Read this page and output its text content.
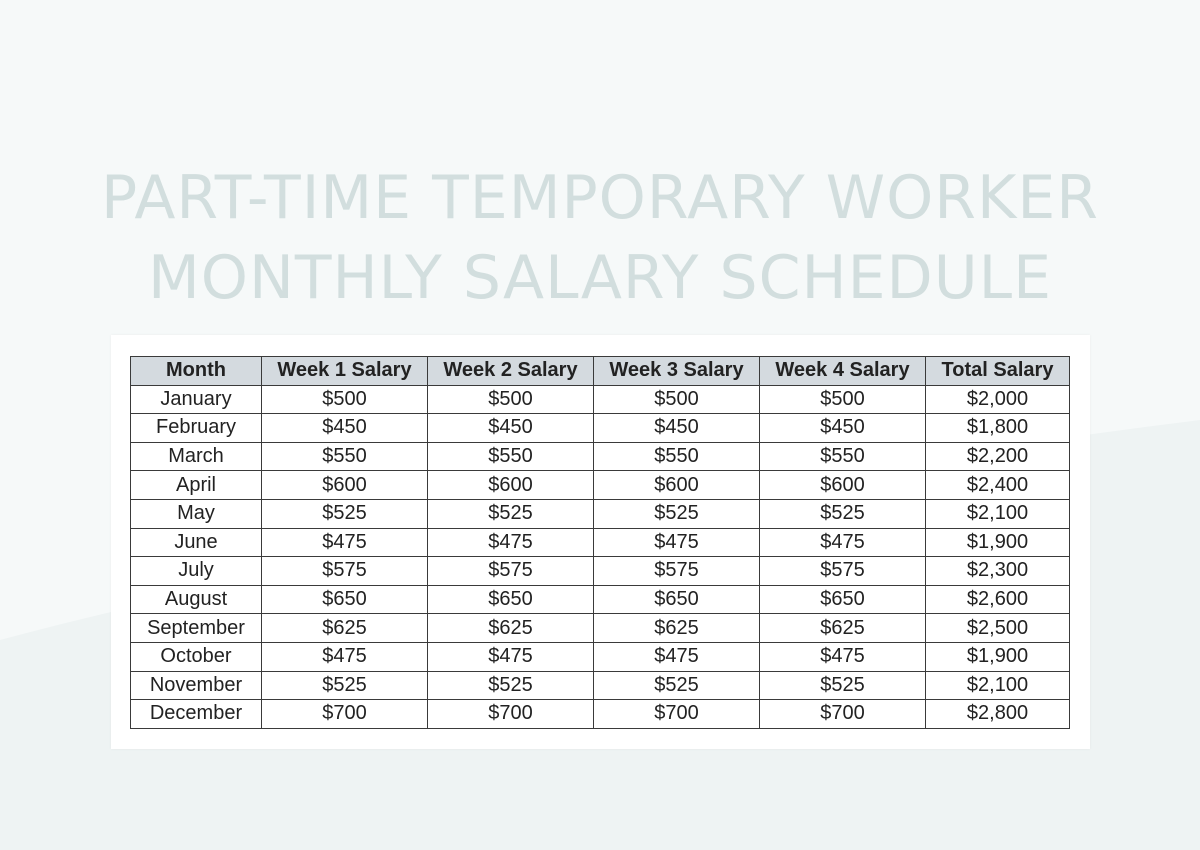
PART-TIME TEMPORARY WORKER
MONTHLY SALARY SCHEDULE
Month	Week 1 Salary	Week 2 Salary	Week 3 Salary	Week 4 Salary	Total Salary
January	$500	$500	$500	$500	$2,000
February	$450	$450	$450	$450	$1,800
March	$550	$550	$550	$550	$2,200
April	$600	$600	$600	$600	$2,400
May	$525	$525	$525	$525	$2,100
June	$475	$475	$475	$475	$1,900
July	$575	$575	$575	$575	$2,300
August	$650	$650	$650	$650	$2,600
September	$625	$625	$625	$625	$2,500
October	$475	$475	$475	$475	$1,900
November	$525	$525	$525	$525	$2,100
December	$700	$700	$700	$700	$2,800
